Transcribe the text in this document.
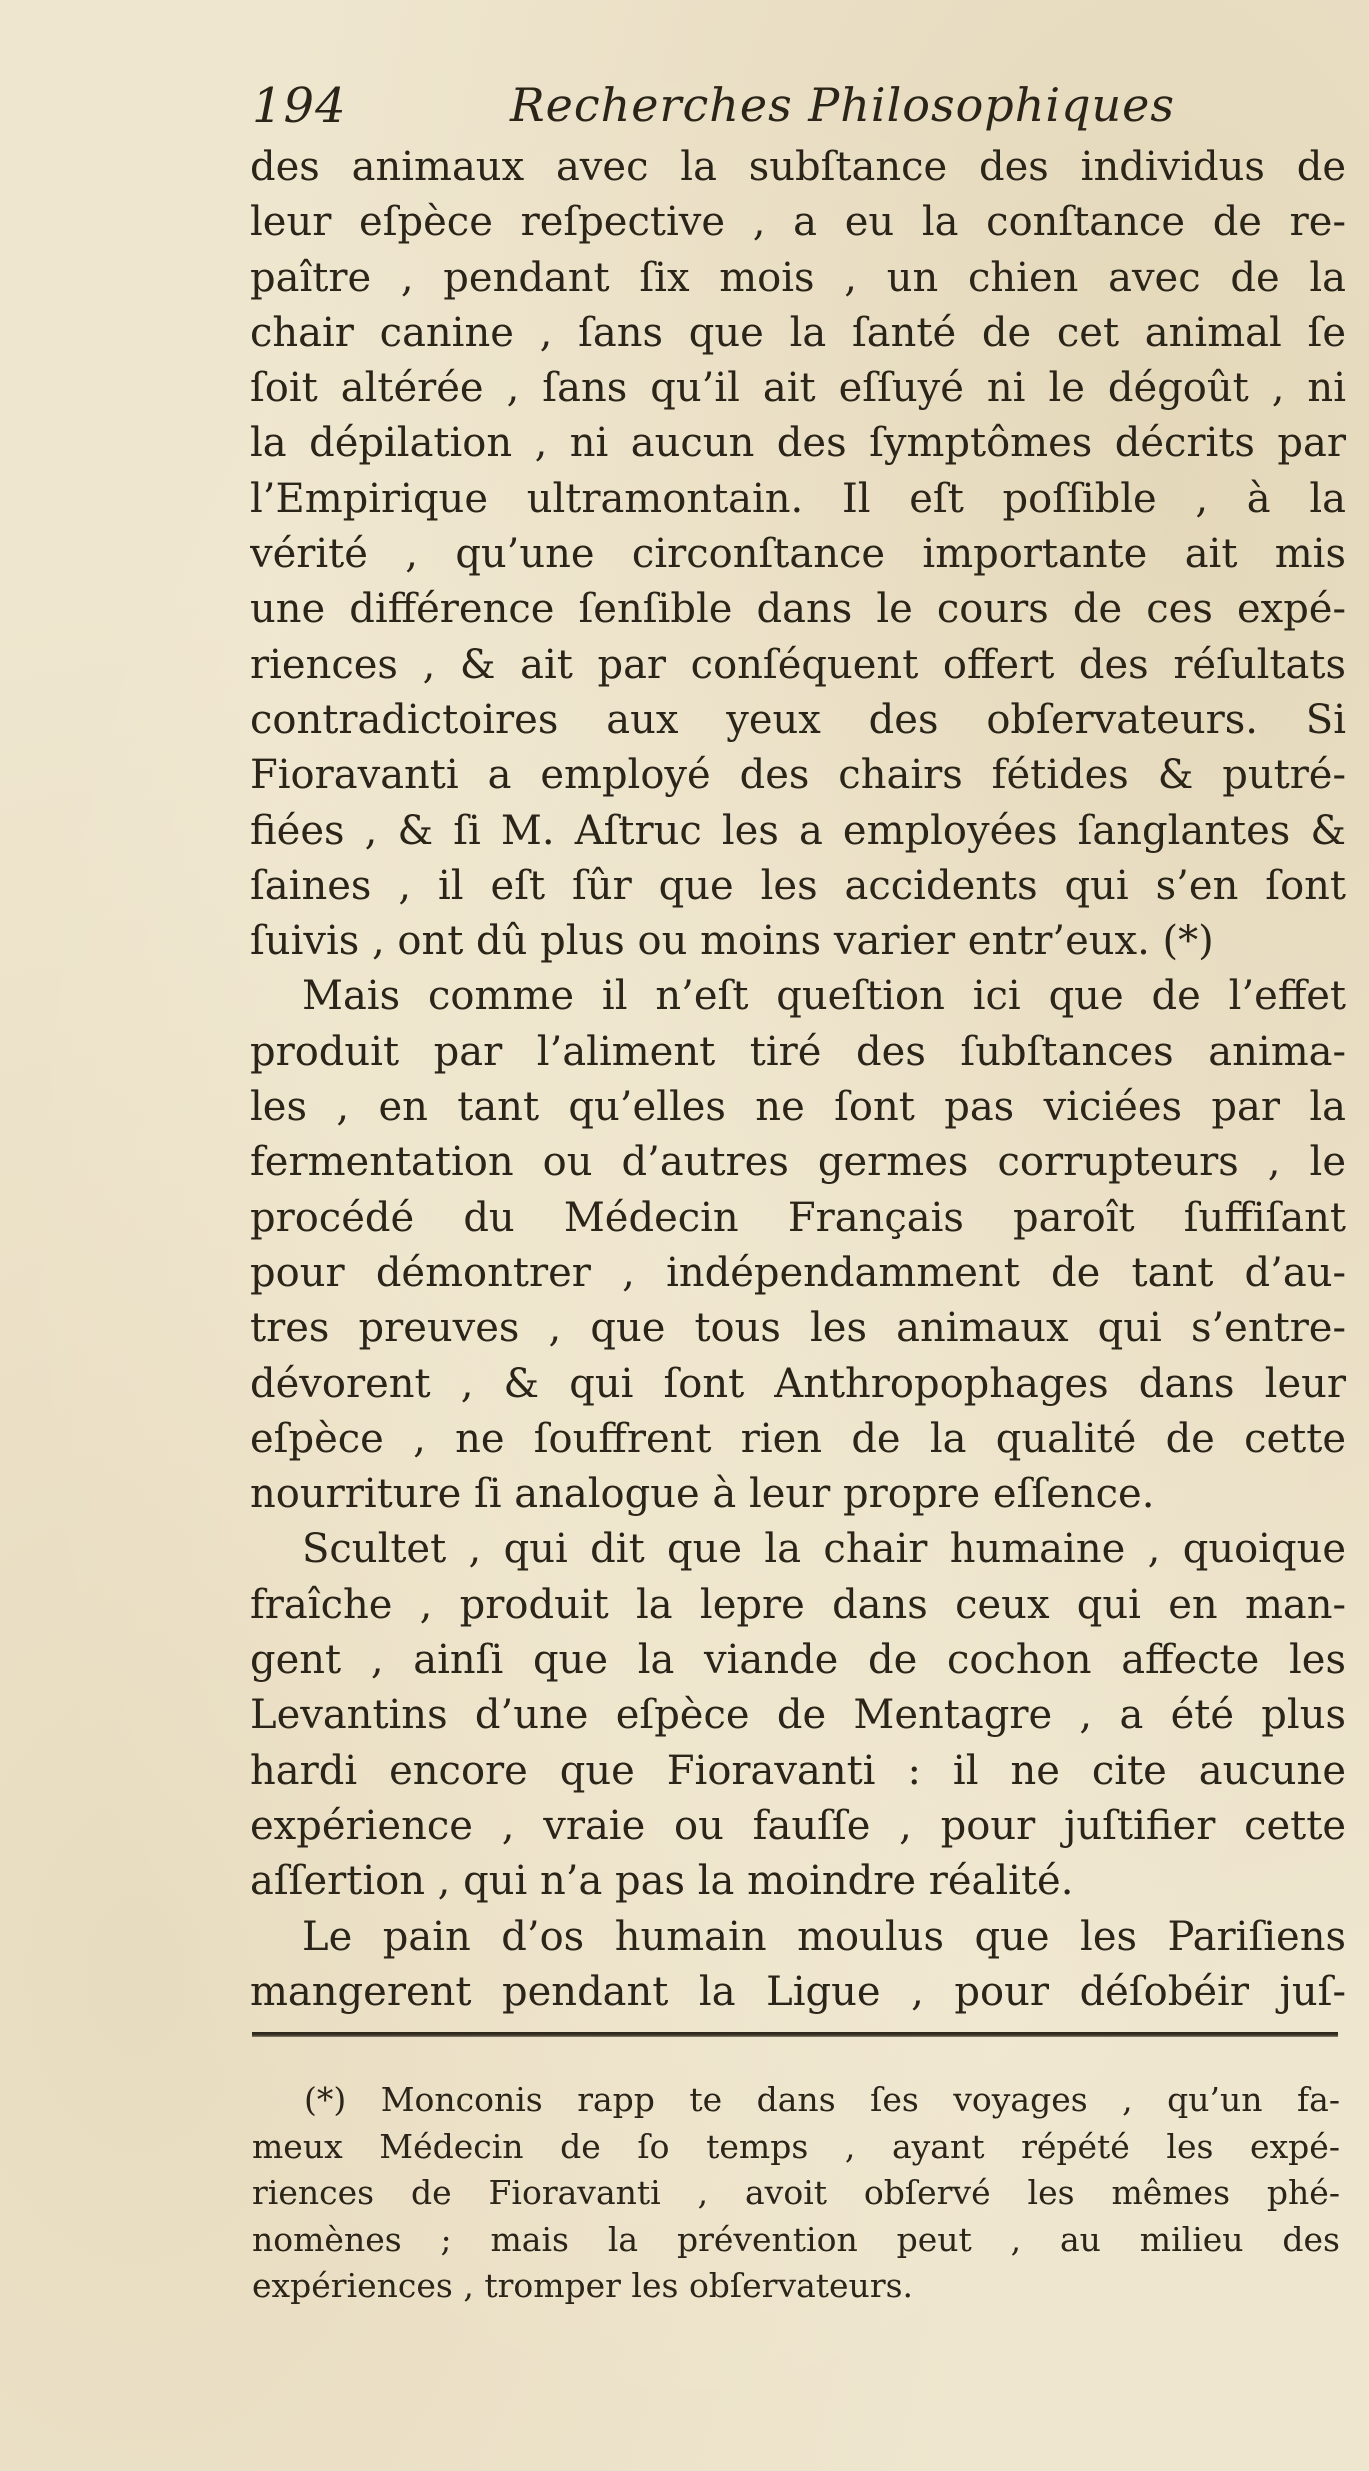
194	Recherches Philosophiques
des animaux avec la subſtance des individus de
leur eſpèce reſpective , a eu la conſtance de re-
paître , pendant ſix mois , un chien avec de la
chair canine , ſans que la ſanté de cet animal ſe
ſoit altérée , ſans qu’il ait eſſuyé ni le dégoût , ni
la dépilation , ni aucun des ſymptômes décrits par
l’Empirique ultramontain. Il eſt poſſible , à la
vérité , qu’une circonſtance importante ait mis
une différence ſenſible dans le cours de ces expé-
riences , & ait par conſéquent offert des réſultats
contradictoires aux yeux des obſervateurs. Si
Fioravanti a employé des chairs fétides & putré-
fiées , & ſi M. Aſtruc les a employées ſanglantes &
ſaines , il eſt ſûr que les accidents qui s’en ſont
ſuivis , ont dû plus ou moins varier entr’eux. (*)
Mais comme il n’eſt queſtion ici que de l’effet
produit par l’aliment tiré des ſubſtances anima-
les , en tant qu’elles ne ſont pas viciées par la
fermentation ou d’autres germes corrupteurs , le
procédé du Médecin Français paroît ſuffiſant
pour démontrer , indépendamment de tant d’au-
tres preuves , que tous les animaux qui s’entre-
dévorent , & qui ſont Anthropophages dans leur
eſpèce , ne ſouffrent rien de la qualité de cette
nourriture ſi analogue à leur propre eſſence.
Scultet , qui dit que la chair humaine , quoique
fraîche , produit la lepre dans ceux qui en man-
gent , ainſi que la viande de cochon affecte les
Levantins d’une eſpèce de Mentagre , a été plus
hardi encore que Fioravanti : il ne cite aucune
expérience , vraie ou fauſſe , pour juſtifier cette
aſſertion , qui n’a pas la moindre réalité.
Le pain d’os humain moulus que les Pariſiens
mangerent pendant la Ligue , pour déſobéir juſ-
(*) Monconis rapp te dans ſes voyages , qu’un fa-
meux Médecin de ſo temps , ayant répété les expé-
riences de Fioravanti , avoit obſervé les mêmes phé-
nomènes ; mais la prévention peut , au milieu des
expériences , tromper les obſervateurs.
